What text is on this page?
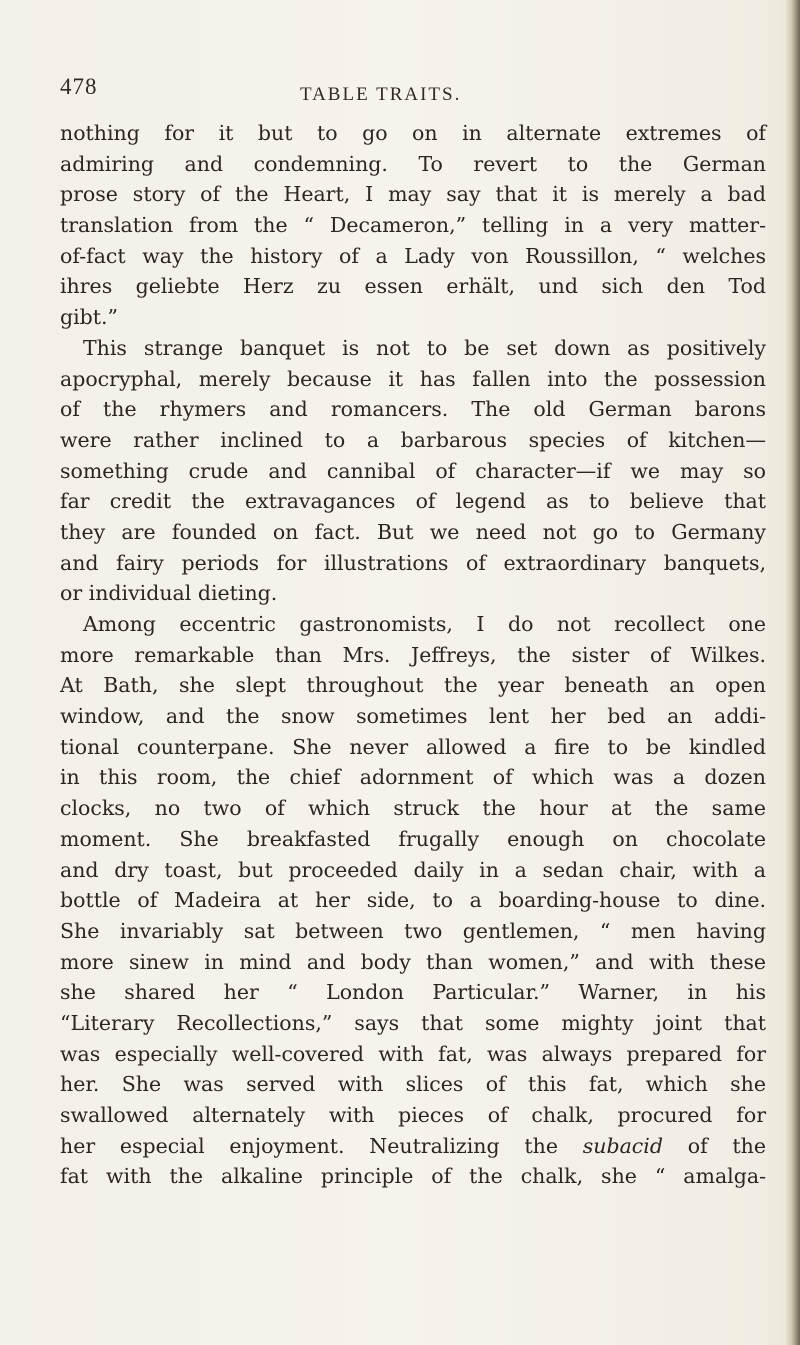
478	TABLE TRAITS.
nothing for it but to go on in alternate extremes of
admiring and condemning. To revert to the German
prose story of the Heart, I may say that it is merely a bad
translation from the “ Decameron,” telling in a very matter-
of-fact way the history of a Lady von Roussillon, “ welches
ihres geliebte Herz zu essen erhält, und sich den Tod
gibt.”
This strange banquet is not to be set down as positively
apocryphal, merely because it has fallen into the possession
of the rhymers and romancers. The old German barons
were rather inclined to a barbarous species of kitchen—
something crude and cannibal of character—if we may so
far credit the extravagances of legend as to believe that
they are founded on fact. But we need not go to Germany
and fairy periods for illustrations of extraordinary banquets,
or individual dieting.
Among eccentric gastronomists, I do not recollect one
more remarkable than Mrs. Jeffreys, the sister of Wilkes.
At Bath, she slept throughout the year beneath an open
window, and the snow sometimes lent her bed an addi-
tional counterpane. She never allowed a fire to be kindled
in this room, the chief adornment of which was a dozen
clocks, no two of which struck the hour at the same
moment. She breakfasted frugally enough on chocolate
and dry toast, but proceeded daily in a sedan chair, with a
bottle of Madeira at her side, to a boarding-house to dine.
She invariably sat between two gentlemen, “ men having
more sinew in mind and body than women,” and with these
she shared her “ London Particular.” Warner, in his
“Literary Recollections,” says that some mighty joint that
was especially well-covered with fat, was always prepared for
her. She was served with slices of this fat, which she
swallowed alternately with pieces of chalk, procured for
her especial enjoyment. Neutralizing the subacid of the
fat with the alkaline principle of the chalk, she “ amalga-
